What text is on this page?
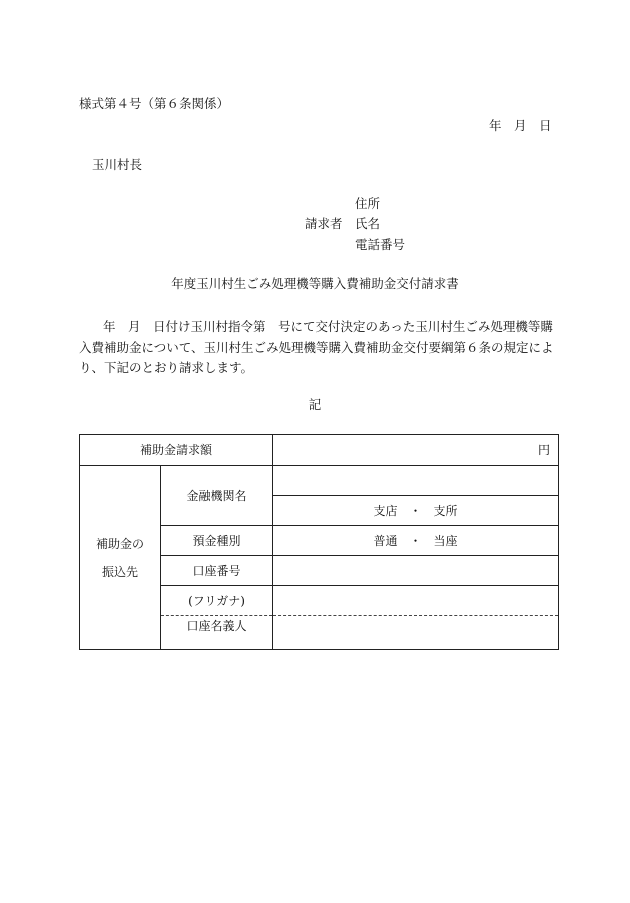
様式第４号（第６条関係）
年　月　日
玉川村長
住所
請求者 氏名
電話番号
年度玉川村生ごみ処理機等購入費補助金交付請求書
年　月　日付け玉川村指令第　号にて交付決定のあった玉川村生ごみ処理機等購入費補助金について、玉川村生ごみ処理機等購入費補助金交付要綱第６条の規定により、下記のとおり請求します。
記
補助金請求額		円

補助金の
振込先	金融機関名	
		支店　・　支所
	預金種別	普通　・　当座
	口座番号	
	(フリガナ)	
	口座名義人	
